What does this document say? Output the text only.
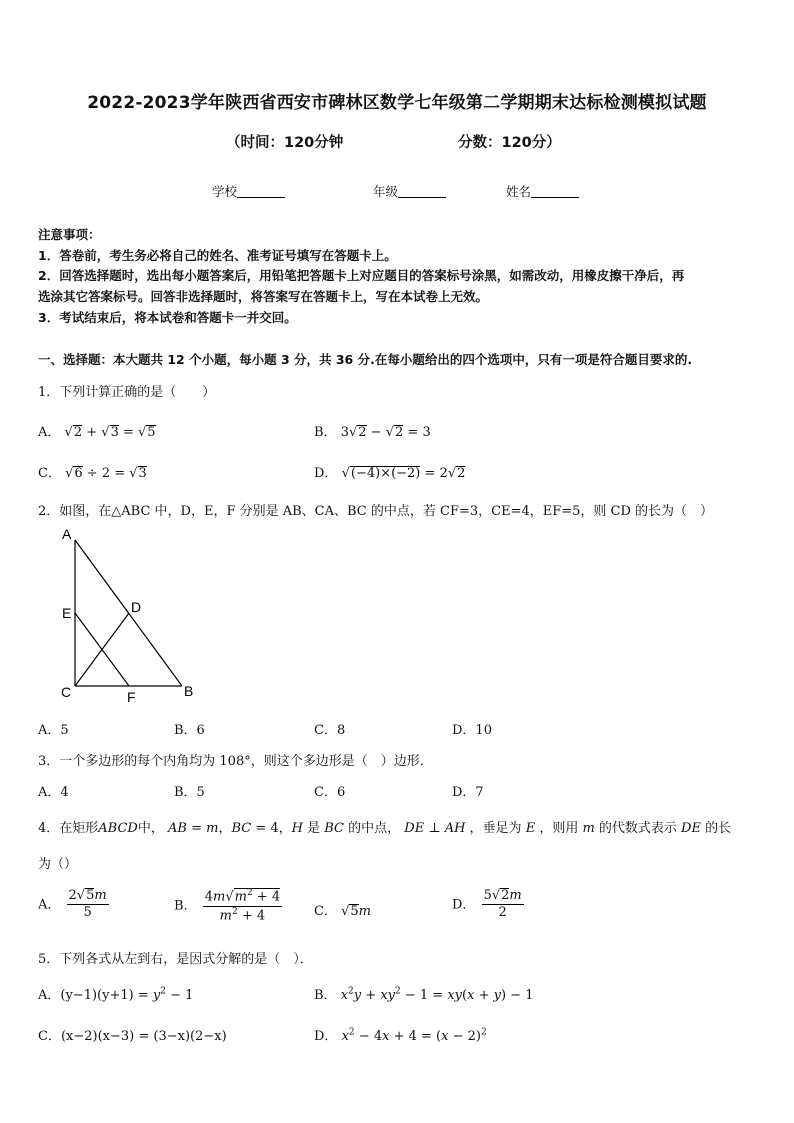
2022-2023学年陕西省西安市碑林区数学七年级第二学期期末达标检测模拟试题
（时间：120分钟	分数：120分）
学校	年级	姓名
注意事项：
1．答卷前，考生务必将自己的姓名、准考证号填写在答题卡上。
2．回答选择题时，选出每小题答案后，用铅笔把答题卡上对应题目的答案标号涂黑，如需改动，用橡皮擦干净后，再
选涂其它答案标号。回答非选择题时，将答案写在答题卡上，写在本试卷上无效。
3．考试结束后，将本试卷和答题卡一并交回。
一、选择题：本大题共 12 个小题，每小题 3 分，共 36 分.在每小题给出的四个选项中，只有一项是符合题目要求的.
1．下列计算正确的是（　　）
A． √2 + √3 = √5	B． 3√2 − √2 = 3
C． √6 ÷ 2 = √3	D． √(−4)×(−2) = 2√2
2．如图，在△ABC 中，D，E，F 分别是 AB、CA、BC 的中点，若 CF=3，CE=4，EF=5，则 CD 的长为（　）
A
E	D
C	F	B
A．5	B．6	C．8	D．10
3．一个多边形的每个内角均为 108°，则这个多边形是（　）边形．
A．4	B．5	C．6	D．7
4．在矩形ABCD中， AB = m，BC = 4，H 是 BC 的中点， DE ⊥ AH ，垂足为 E ，则用 m 的代数式表示 DE 的长
为（）
A． $\frac{2√5m}{5}$	B． $\frac{4m√m^2 + 4}{m^2 + 4}$ C． √5m	D． $\frac{5√2m}{2}$
5．下列各式从左到右，是因式分解的是（　）．
A．$(y-1)(y+1) = y^2 - 1$	B． $x^2y + xy^2 - 1 = xy(x + y) - 1$
C．(x−2)(x−3) = (3−x)(2−x)	D． $x^2 - 4x + 4 = (x - 2)^2$
